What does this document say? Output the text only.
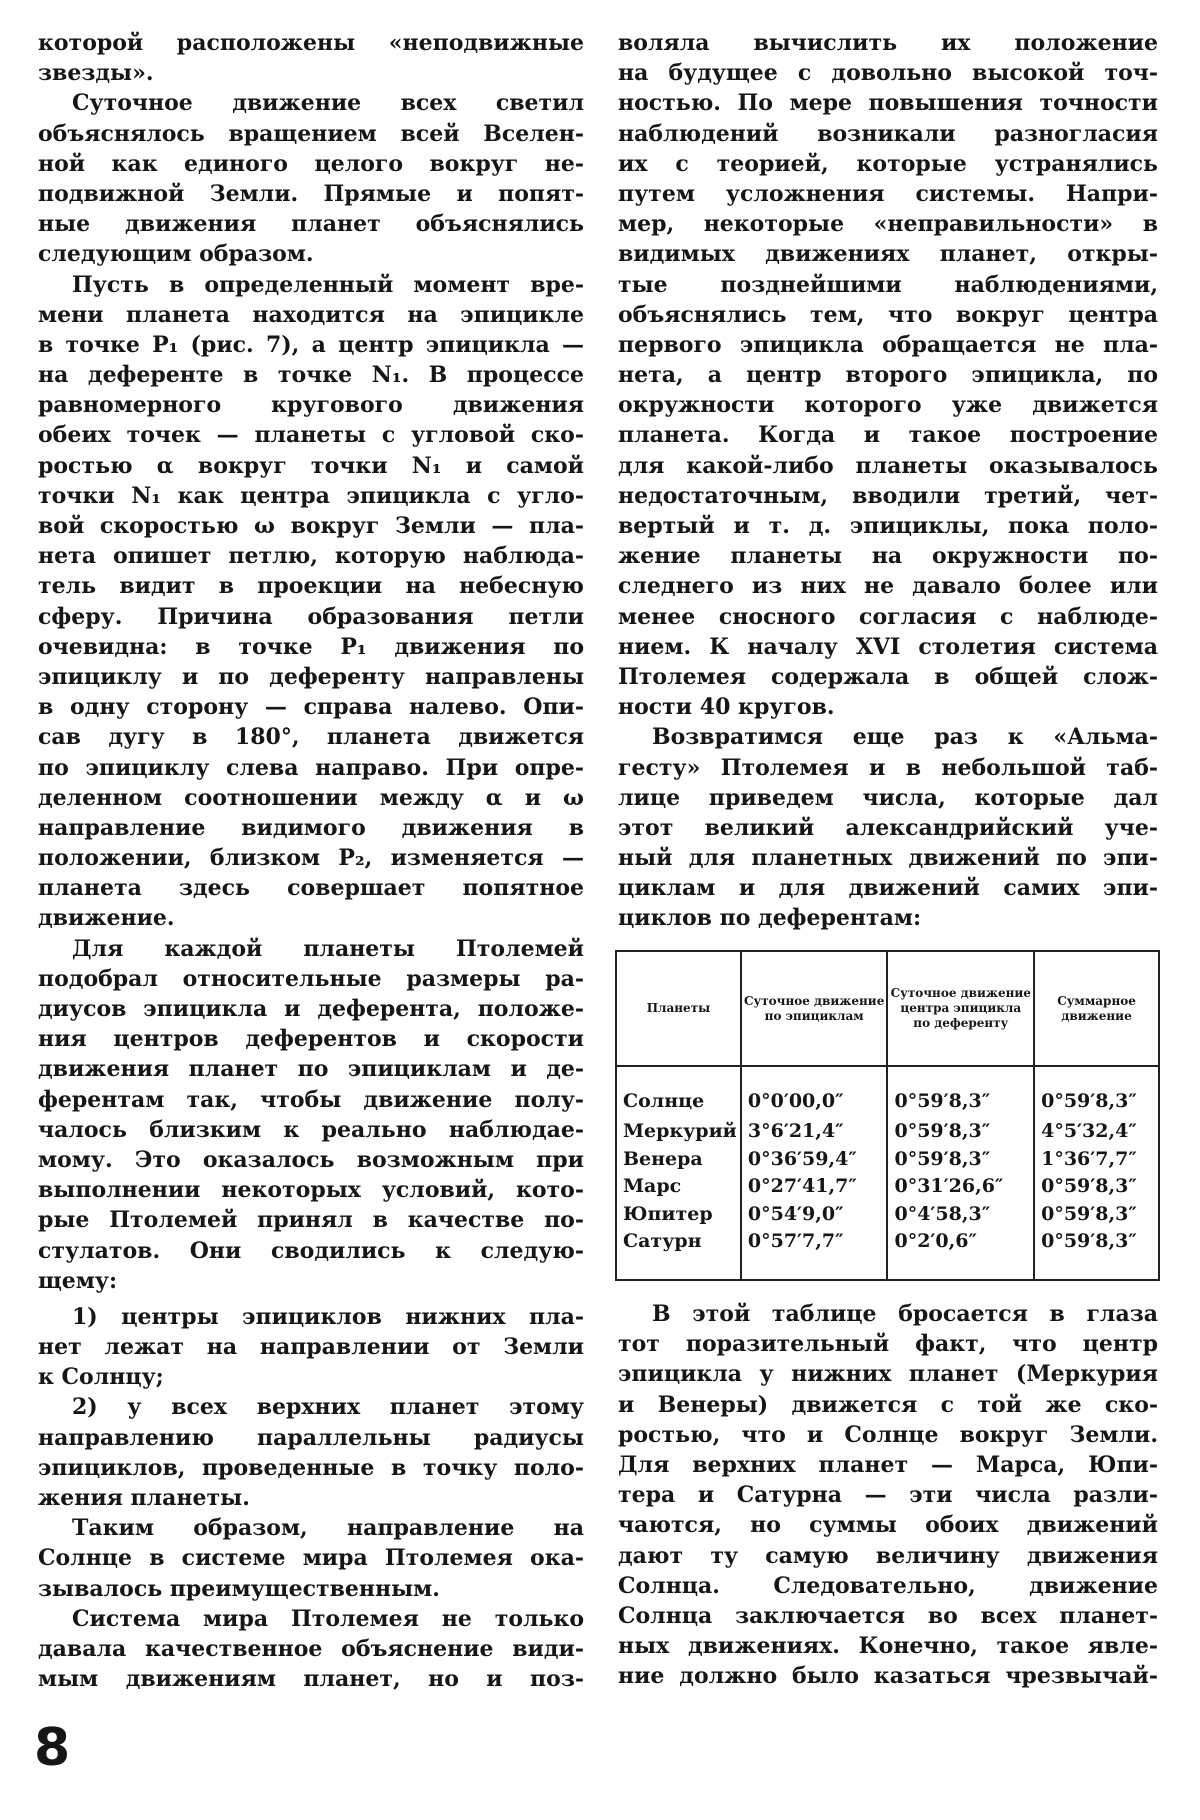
которой расположены «неподвижные
звезды».
Суточное движение всех светил
объяснялось вращением всей Вселен-
ной как единого целого вокруг не-
подвижной Земли. Прямые и попят-
ные движения планет объяснялись
следующим образом.
Пусть в определенный момент вре-
мени планета находится на эпицикле
в точке P₁ (рис. 7), а центр эпицикла —
на деференте в точке N₁. В процессе
равномерного кругового движения
обеих точек — планеты с угловой ско-
ростью α вокруг точки N₁ и самой
точки N₁ как центра эпицикла с угло-
вой скоростью ω вокруг Земли — пла-
нета опишет петлю, которую наблюда-
тель видит в проекции на небесную
сферу. Причина образования петли
очевидна: в точке P₁ движения по
эпициклу и по деференту направлены
в одну сторону — справа налево. Опи-
сав дугу в 180°, планета движется
по эпициклу слева направо. При опре-
деленном соотношении между α и ω
направление видимого движения в
положении, близком P₂, изменяется —
планета здесь совершает попятное
движение.
Для каждой планеты Птолемей
подобрал относительные размеры ра-
диусов эпицикла и деферента, положе-
ния центров деферентов и скорости
движения планет по эпициклам и де-
ферентам так, чтобы движение полу-
чалось близким к реально наблюдае-
мому. Это оказалось возможным при
выполнении некоторых условий, кото-
рые Птолемей принял в качестве по-
стулатов. Они сводились к следую-
щему:
1) центры эпициклов нижних пла-
нет лежат на направлении от Земли
к Солнцу;
2) у всех верхних планет этому
направлению параллельны радиусы
эпициклов, проведенные в точку поло-
жения планеты.
Таким образом, направление на
Солнце в системе мира Птолемея ока-
зывалось преимущественным.
Система мира Птолемея не только
давала качественное объяснение види-
мым движениям планет, но и поз-
воляла вычислить их положение
на будущее с довольно высокой точ-
ностью. По мере повышения точности
наблюдений возникали разногласия
их с теорией, которые устранялись
путем усложнения системы. Напри-
мер, некоторые «неправильности» в
видимых движениях планет, откры-
тые позднейшими наблюдениями,
объяснялись тем, что вокруг центра
первого эпицикла обращается не пла-
нета, а центр второго эпицикла, по
окружности которого уже движется
планета. Когда и такое построение
для какой-либо планеты оказывалось
недостаточным, вводили третий, чет-
вертый и т. д. эпициклы, пока поло-
жение планеты на окружности по-
следнего из них не давало более или
менее сносного согласия с наблюде-
нием. К началу XVI столетия система
Птолемея содержала в общей слож-
ности 40 кругов.
Возвратимся еще раз к «Альма-
гесту» Птолемея и в небольшой таб-
лице приведем числа, которые дал
этот великий александрийский уче-
ный для планетных движений по эпи-
циклам и для движений самих эпи-
циклов по деферентам:
Планеты	Суточное движение по эпициклам	Суточное движение центра эпицикла по деференту	Суммарное движение
Солнце	0°0′00,0″	0°59′8,3″	0°59′8,3″
Меркурий	3°6′21,4″	0°59′8,3″	4°5′32,4″
Венера	0°36′59,4″	0°59′8,3″	1°36′7,7″
Марс	0°27′41,7″	0°31′26,6″	0°59′8,3″
Юпитер	0°54′9,0″	0°4′58,3″	0°59′8,3″
Сатурн	0°57′7,7″	0°2′0,6″	0°59′8,3″
В этой таблице бросается в глаза
тот поразительный факт, что центр
эпицикла у нижних планет (Меркурия
и Венеры) движется с той же ско-
ростью, что и Солнце вокруг Земли.
Для верхних планет — Марса, Юпи-
тера и Сатурна — эти числа разли-
чаются, но суммы обоих движений
дают ту самую величину движения
Солнца. Следовательно, движение
Солнца заключается во всех планет-
ных движениях. Конечно, такое явле-
ние должно было казаться чрезвычай-
8
